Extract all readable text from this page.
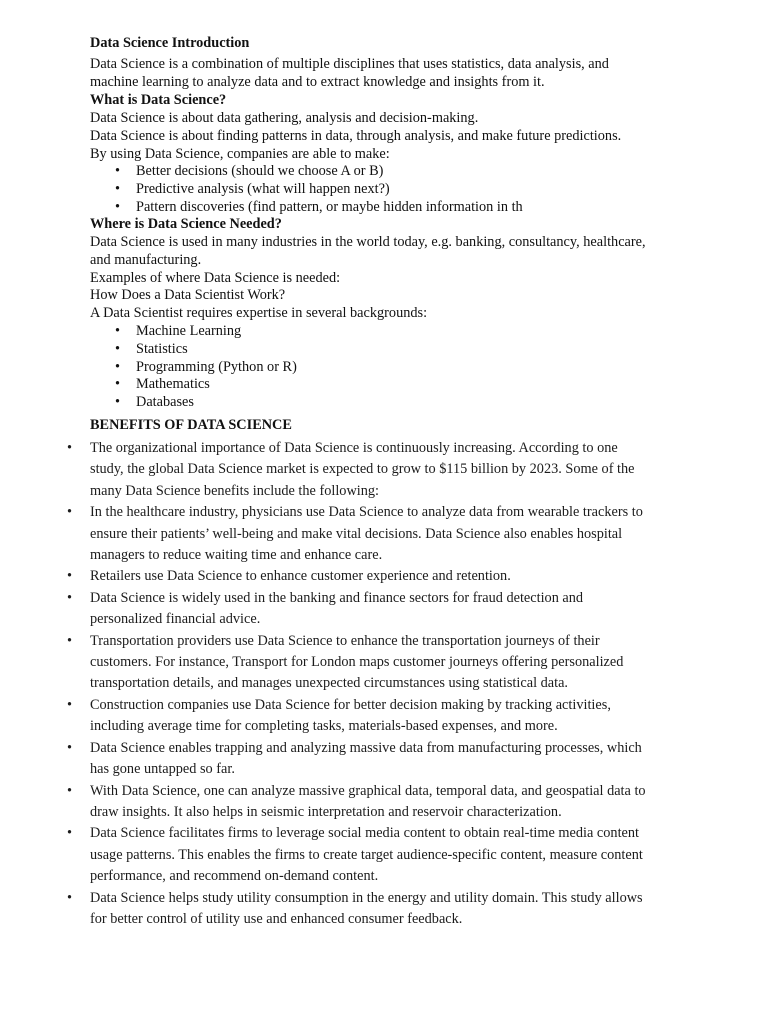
Data Science Introduction
Data Science is a combination of multiple disciplines that uses statistics, data analysis, and
machine learning to analyze data and to extract knowledge and insights from it.
What is Data Science?
Data Science is about data gathering, analysis and decision-making.
Data Science is about finding patterns in data, through analysis, and make future predictions.
By using Data Science, companies are able to make:
• Better decisions (should we choose A or B)
• Predictive analysis (what will happen next?)
• Pattern discoveries (find pattern, or maybe hidden information in th
Where is Data Science Needed?
Data Science is used in many industries in the world today, e.g. banking, consultancy, healthcare,
and manufacturing.
Examples of where Data Science is needed:
How Does a Data Scientist Work?
A Data Scientist requires expertise in several backgrounds:
• Machine Learning
• Statistics
• Programming (Python or R)
• Mathematics
• Databases
BENEFITS OF DATA SCIENCE
• The organizational importance of Data Science is continuously increasing. According to one
study, the global Data Science market is expected to grow to $115 billion by 2023. Some of the
many Data Science benefits include the following:
• In the healthcare industry, physicians use Data Science to analyze data from wearable trackers to
ensure their patients’ well-being and make vital decisions. Data Science also enables hospital
managers to reduce waiting time and enhance care.
• Retailers use Data Science to enhance customer experience and retention.
• Data Science is widely used in the banking and finance sectors for fraud detection and
personalized financial advice.
• Transportation providers use Data Science to enhance the transportation journeys of their
customers. For instance, Transport for London maps customer journeys offering personalized
transportation details, and manages unexpected circumstances using statistical data.
• Construction companies use Data Science for better decision making by tracking activities,
including average time for completing tasks, materials-based expenses, and more.
• Data Science enables trapping and analyzing massive data from manufacturing processes, which
has gone untapped so far.
• With Data Science, one can analyze massive graphical data, temporal data, and geospatial data to
draw insights. It also helps in seismic interpretation and reservoir characterization.
• Data Science facilitates firms to leverage social media content to obtain real-time media content
usage patterns. This enables the firms to create target audience-specific content, measure content
performance, and recommend on-demand content.
• Data Science helps study utility consumption in the energy and utility domain. This study allows
for better control of utility use and enhanced consumer feedback.
